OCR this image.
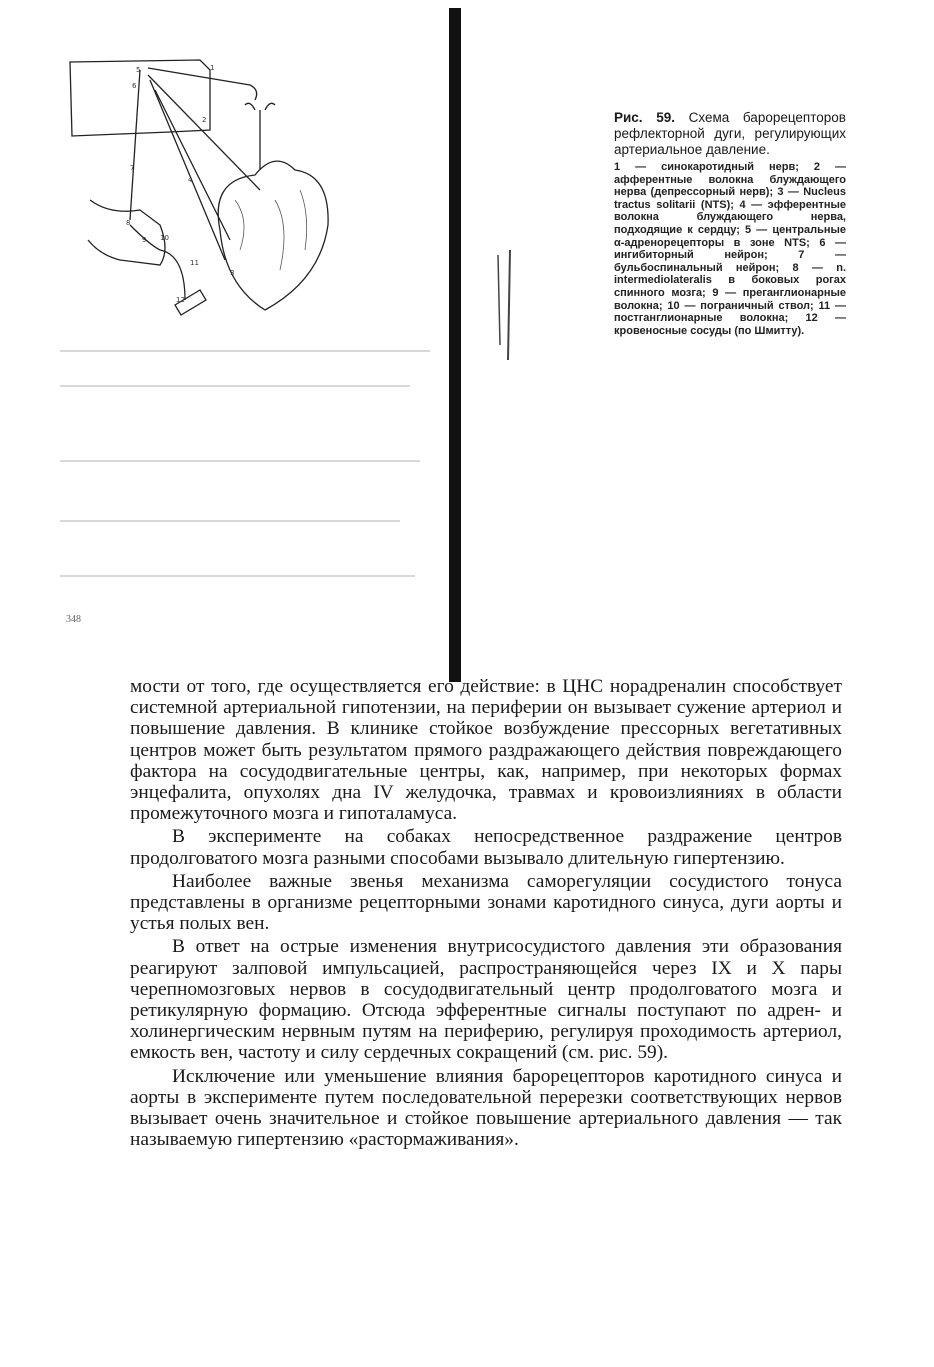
5
6
1
2
4
7
8
9 10
11
12
3
348

Рис. 59. Схема барорецепторов рефлекторной дуги, регулирующих артериальное давление.

1 — синокаротидный нерв; 2 — афферентные волокна блуждающего нерва (депрессорный нерв); 3 — Nucleus tractus solitarii (NTS); 4 — эфферентные волокна блуждающего нерва, подходящие к сердцу; 5 — центральные α-адренорецепторы в зоне NTS; 6 — ингибиторный нейрон; 7 — бульбоспинальный нейрон; 8 — n. intermediolateralis в боковых рогах спинного мозга; 9 — преганглионарные волокна; 10 — пограничный ствол; 11 — постганглионарные волокна; 12 — кровеносные сосуды (по Шмитту).

мости от того, где осуществляется его действие: в ЦНС норадреналин способствует системной артериальной гипотензии, на периферии он вызывает сужение артериол и повышение давления. В клинике стойкое возбуждение прессорных вегетативных центров может быть результатом прямого раздражающего действия повреждающего фактора на сосудодвигательные центры, как, например, при некоторых формах энцефалита, опухолях дна IV желудочка, травмах и кровоизлияниях в области промежуточного мозга и гипоталамуса.

В эксперименте на собаках непосредственное раздражение центров продолговатого мозга разными способами вызывало длительную гипертензию.

Наиболее важные звенья механизма саморегуляции сосудистого тонуса представлены в организме рецепторными зонами каротидного синуса, дуги аорты и устья полых вен.

В ответ на острые изменения внутрисосудистого давления эти образования реагируют залповой импульсацией, распространяющейся через IX и X пары черепномозговых нервов в сосудодвигательный центр продолговатого мозга и ретикулярную формацию. Отсюда эфферентные сигналы поступают по адрен- и холинергическим нервным путям на периферию, регулируя проходимость артериол, емкость вен, частоту и силу сердечных сокращений (см. рис. 59).

Исключение или уменьшение влияния барорецепторов каротидного синуса и аорты в эксперименте путем последовательной перерезки соответствующих нервов вызывает очень значительное и стойкое повышение артериального давления — так называемую гипертензию «растормаживания».
